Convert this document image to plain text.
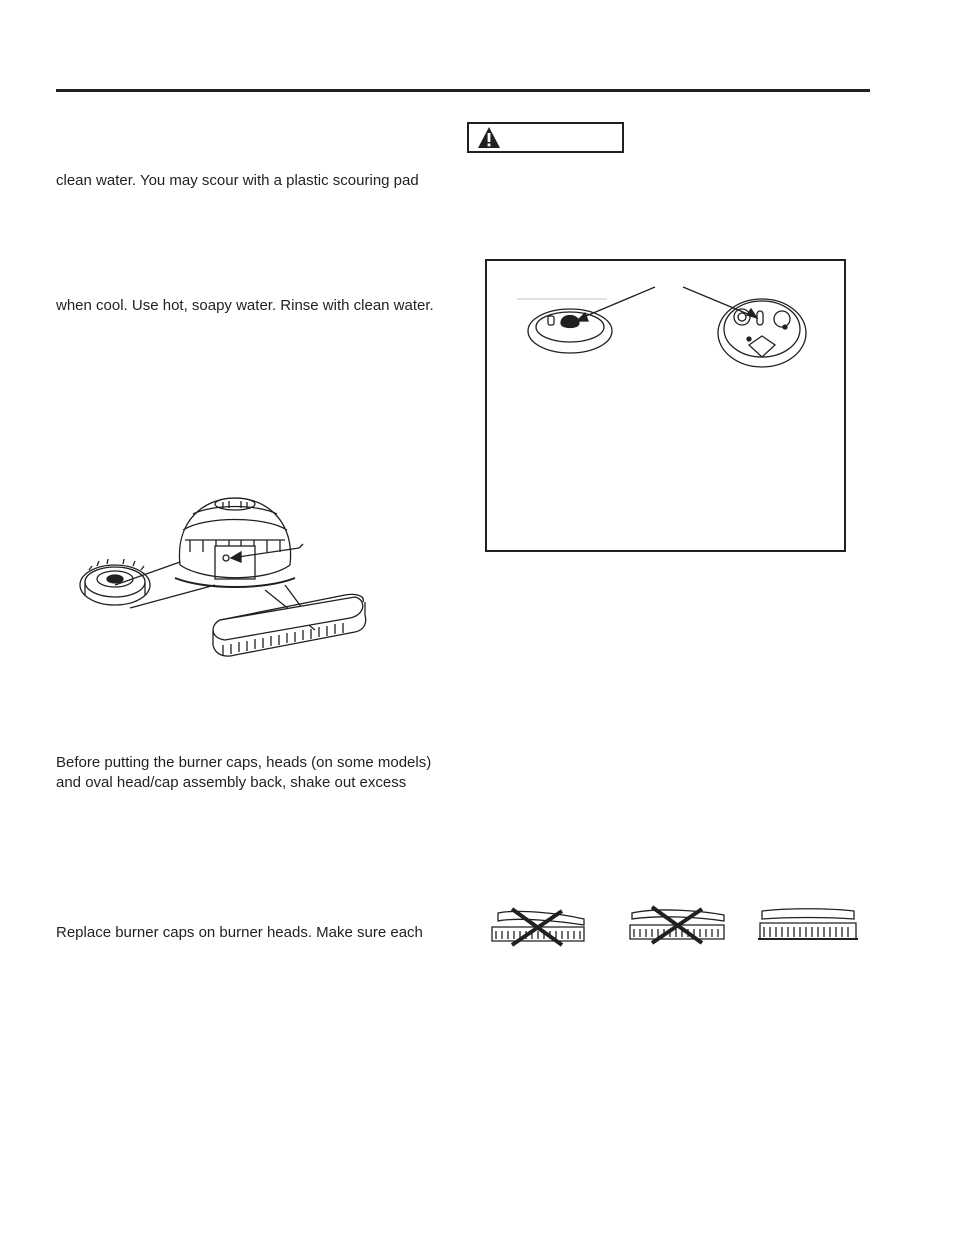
clean water. You may scour with a plastic scouring pad
when cool. Use hot, soapy water. Rinse with clean water.
Before putting the burner caps, heads (on some models)
and oval head/cap assembly back, shake out excess
Replace burner caps on burner heads. Make sure each
